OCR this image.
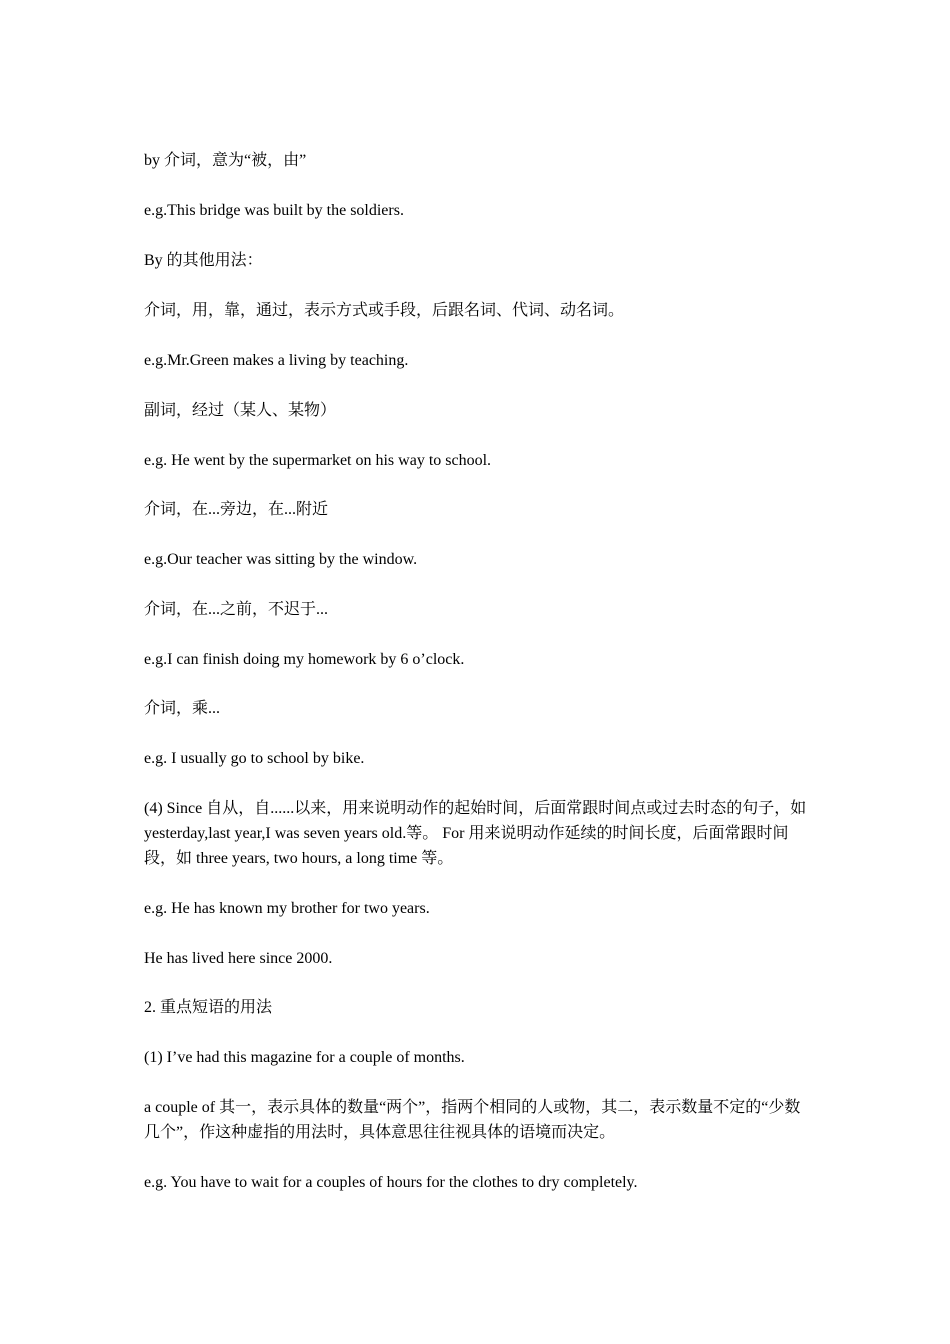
by 介词，意为“被，由”
e.g.This bridge was built by the soldiers.
By 的其他用法：
介词，用，靠，通过，表示方式或手段，后跟名词、代词、动名词。
e.g.Mr.Green makes a living by teaching.
副词，经过（某人、某物）
e.g. He went by the supermarket on his way to school.
介词，在...旁边，在...附近
e.g.Our teacher was sitting by the window.
介词，在...之前，不迟于...
e.g.I can finish doing my homework by 6 o’clock.
介词，乘...
e.g. I usually go to school by bike.
(4) Since 自从，自......以来，用来说明动作的起始时间，后面常跟时间点或过去时态的句子，如 yesterday,last year,I was seven years old.等。 For 用来说明动作延续的时间长度，后面常跟时间段，如 three years, two hours, a long time 等。
e.g. He has known my brother for two years.
He has lived here since 2000.
2. 重点短语的用法
(1) I’ve had this magazine for a couple of months.
a couple of 其一，表示具体的数量“两个”，指两个相同的人或物，其二，表示数量不定的“少数几个”，作这种虚指的用法时，具体意思往往视具体的语境而决定。
e.g. You have to wait for a couples of hours for the clothes to dry completely.
